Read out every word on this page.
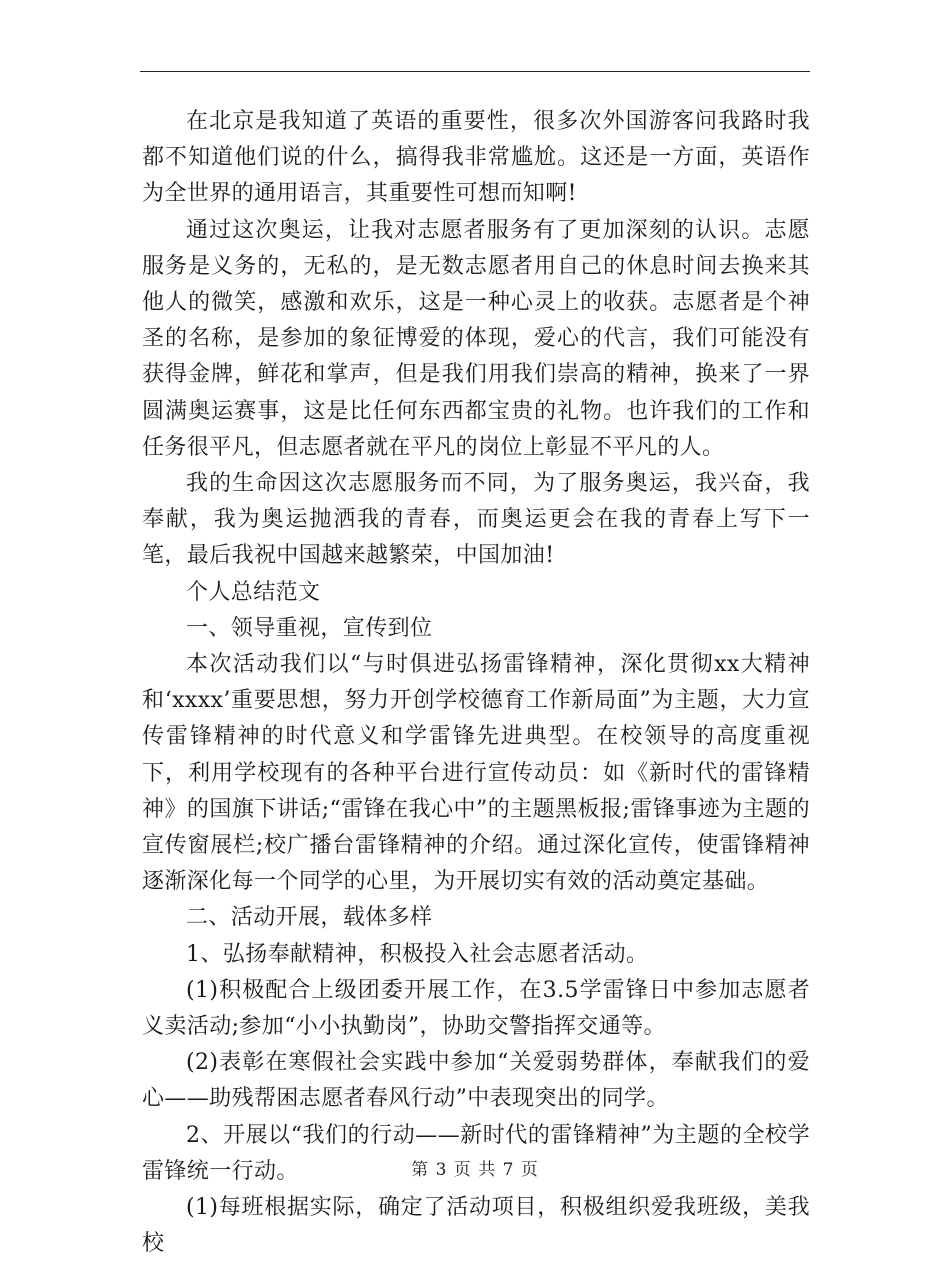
在北京是我知道了英语的重要性，很多次外国游客问我路时我都不知道他们说的什么，搞得我非常尴尬。这还是一方面，英语作为全世界的通用语言，其重要性可想而知啊!

通过这次奥运，让我对志愿者服务有了更加深刻的认识。志愿服务是义务的，无私的，是无数志愿者用自己的休息时间去换来其他人的微笑，感激和欢乐，这是一种心灵上的收获。志愿者是个神圣的名称，是参加的象征博爱的体现，爱心的代言，我们可能没有获得金牌，鲜花和掌声，但是我们用我们崇高的精神，换来了一界圆满奥运赛事，这是比任何东西都宝贵的礼物。也许我们的工作和任务很平凡，但志愿者就在平凡的岗位上彰显不平凡的人。

我的生命因这次志愿服务而不同，为了服务奥运，我兴奋，我奉献，我为奥运抛洒我的青春，而奥运更会在我的青春上写下一笔，最后我祝中国越来越繁荣，中国加油!

个人总结范文

一、领导重视，宣传到位

本次活动我们以“与时俱进弘扬雷锋精神，深化贯彻xx大精神和‘xxxx’重要思想，努力开创学校德育工作新局面”为主题，大力宣传雷锋精神的时代意义和学雷锋先进典型。在校领导的高度重视下，利用学校现有的各种平台进行宣传动员：如《新时代的雷锋精神》的国旗下讲话;“雷锋在我心中”的主题黑板报;雷锋事迹为主题的宣传窗展栏;校广播台雷锋精神的介绍。通过深化宣传，使雷锋精神逐渐深化每一个同学的心里，为开展切实有效的活动奠定基础。

二、活动开展，载体多样

1、弘扬奉献精神，积极投入社会志愿者活动。

(1)积极配合上级团委开展工作，在3.5学雷锋日中参加志愿者义卖活动;参加“小小执勤岗”，协助交警指挥交通等。

(2)表彰在寒假社会实践中参加“关爱弱势群体，奉献我们的爱心——助残帮困志愿者春风行动”中表现突出的同学。

2、开展以“我们的行动——新时代的雷锋精神”为主题的全校学雷锋统一行动。

(1)每班根据实际，确定了活动项目，积极组织爱我班级，美我校

第 3 页 共 7 页
